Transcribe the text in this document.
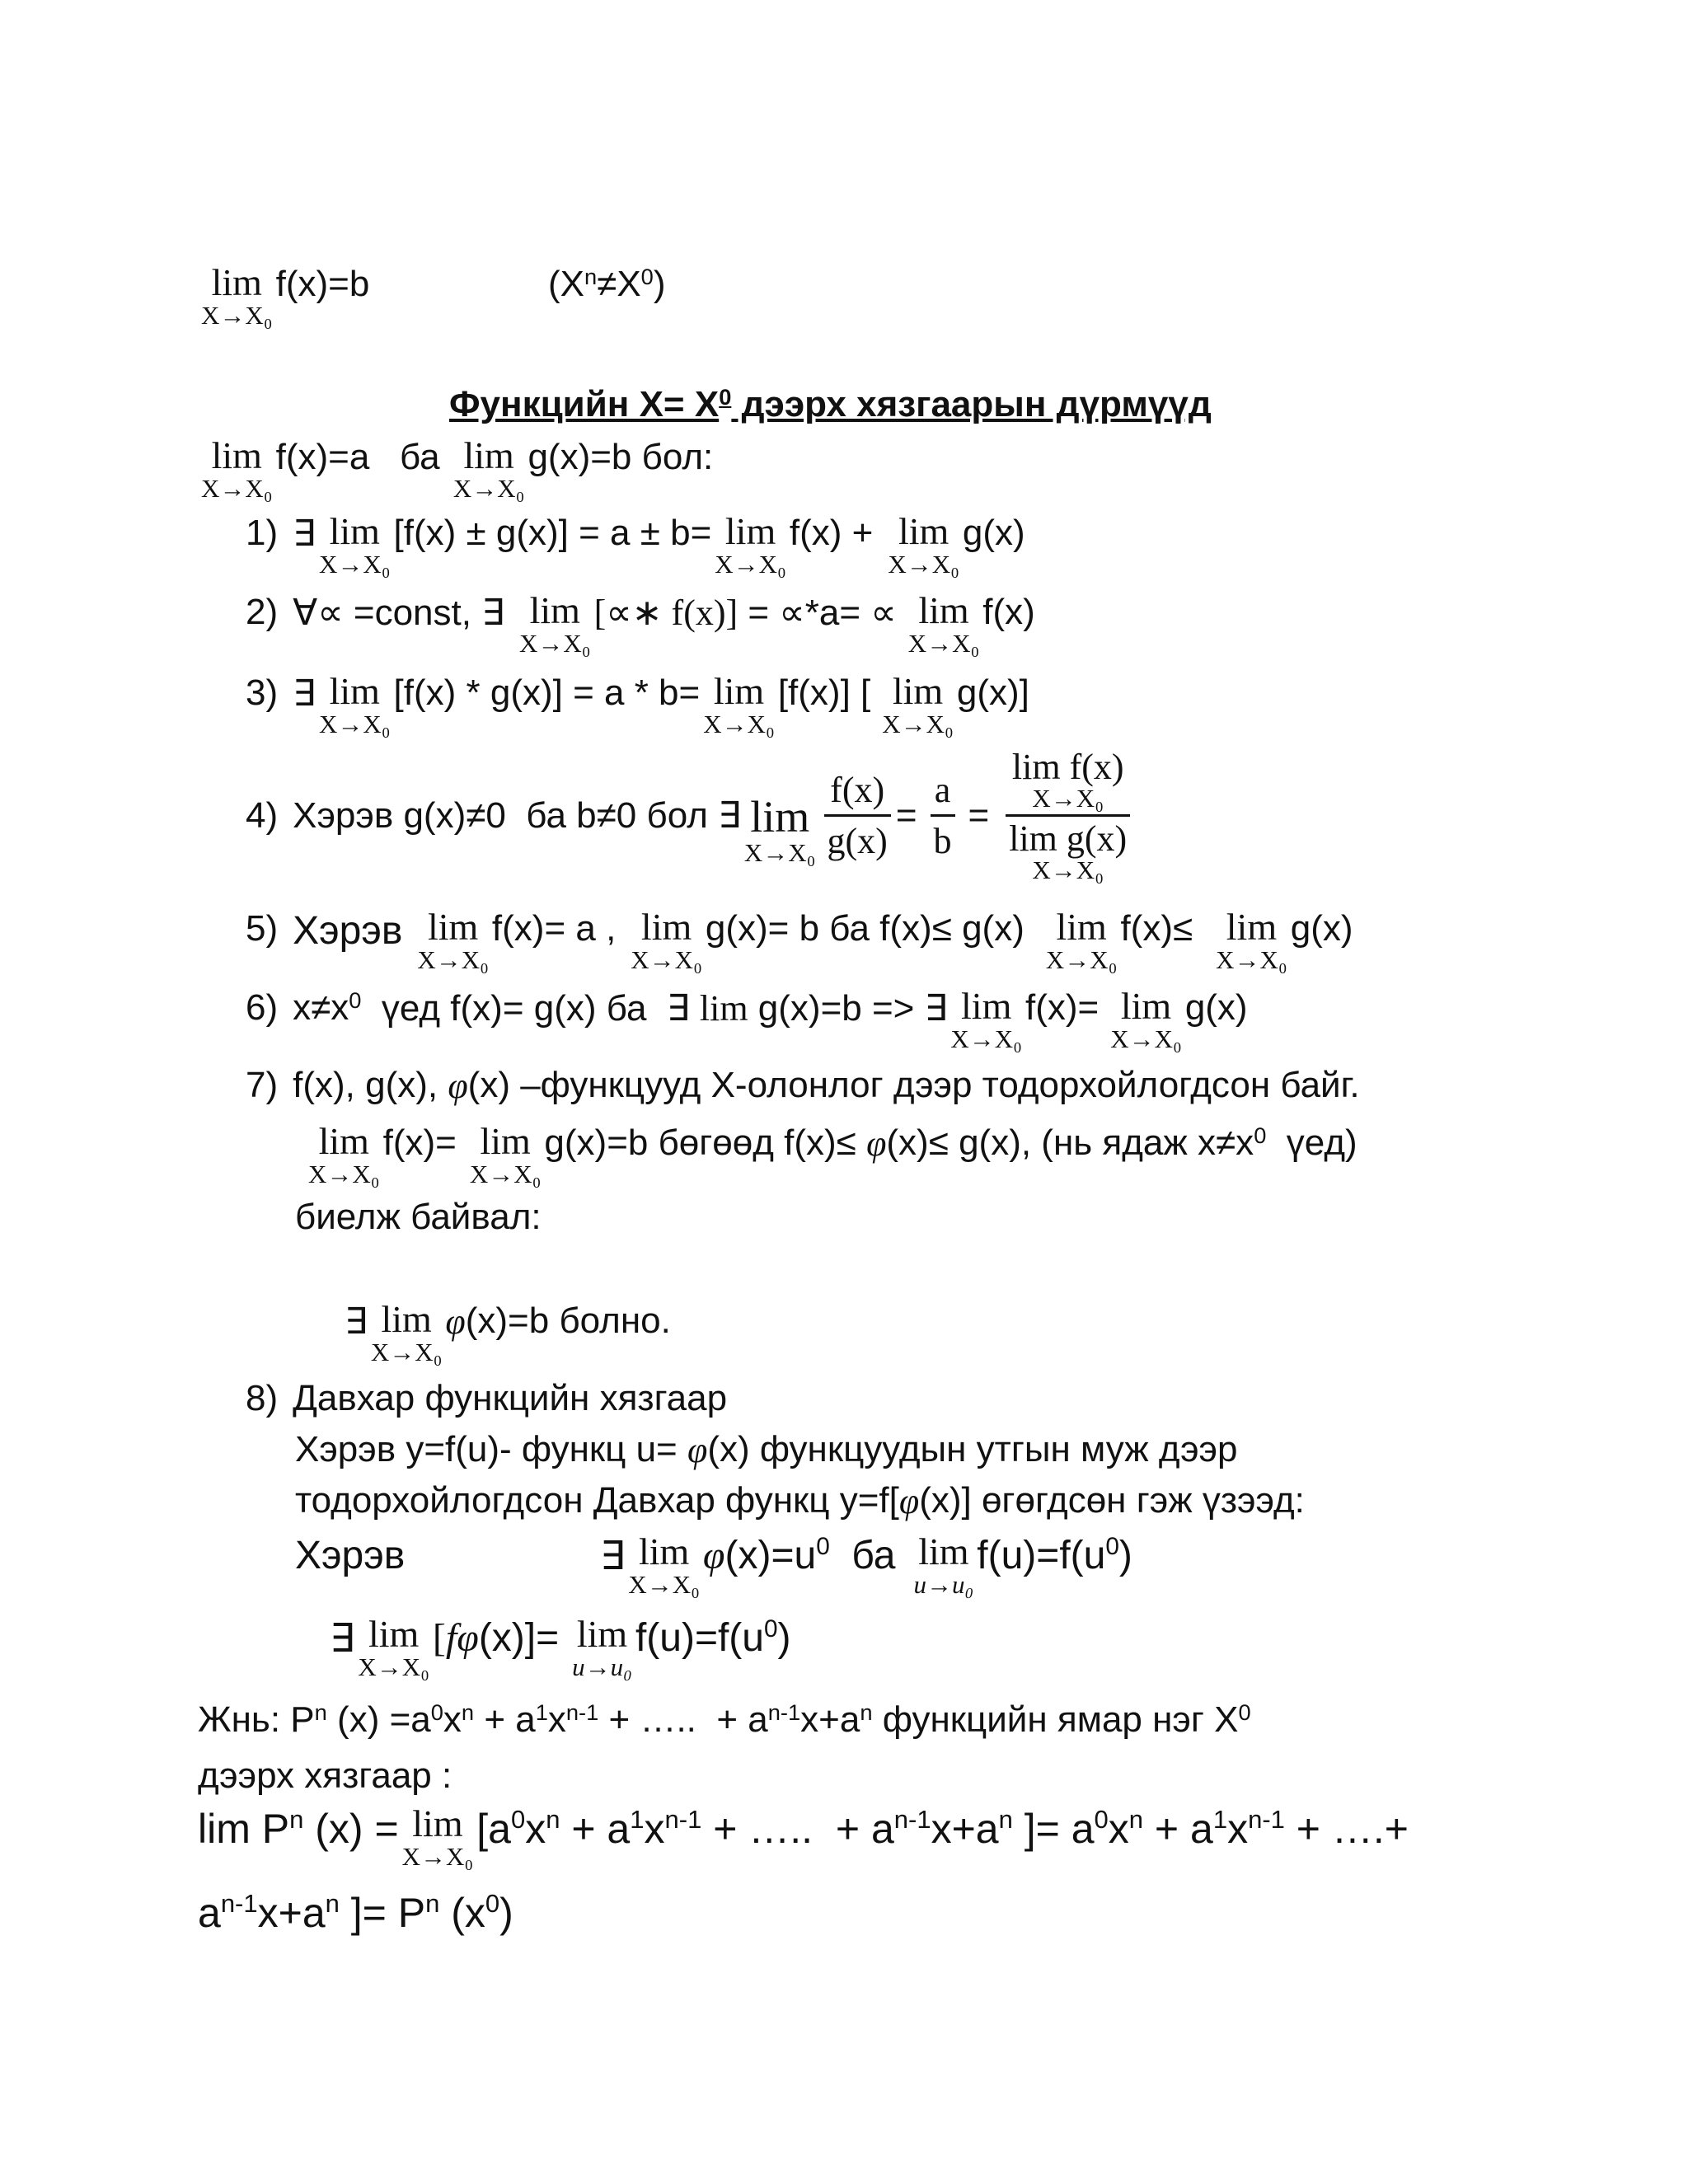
lim
X→X₀
f(x)=b	($X^n \ne X^0$ )
Функцийн $X= X^0$ дээрх хязгаарын дүрмүүд
lim
X→X₀
f(x)=a ба lim
X→X₀
g(x)=b бол:
1) ∃ lim
X→X₀
[f(x) ± g(x)] = a ± b= lim
X→X₀
f(x) + lim
X→X₀
g(x)
2) ∀∝ =const, ∃ lim
X→X₀
[∝∗ f(x)] = ∝*a= ∝ lim
X→X₀
f(x)
3) ∃ lim
X→X₀
[f(x) * g(x)] = a * b= lim
X→X₀
[f(x)] [ lim
X→X₀
g(x)]
4) Хэрэв g(x)≠0  ба b≠0 бол ∃ lim
$X\to X_0 \frac{f(x)}{g(x)} = \frac{a}{b} = \lim f(x)$
X→X₀
lim g(x)
X→X₀
5) Хэрэв lim
X→X₀
f(x)= a , lim
X→X₀
g(x)= b ба f(x)≤ g(x) lim
X→X₀
f(x)≤ lim
X→X₀
g(x)
6) $x\ne x^0$ үед f(x)= g(x) ба  ∃ lim g(x)=b => ∃ lim
X→X₀
f(x)= lim
X→X₀
g(x)
7) f(x), g(x), φ (x) –функцууд X-олонлог дээр тодорхойлогдсон байг.
lim
X→X₀
f(x)= lim
X→X₀
g(x)=b бөгөөд f(x)≤ φ (x)≤ g(x), (нь ядаж $x\ne x^0$ үед)
биелж байвал:
∃ lim
X→X₀
φ (x)=b болно.
8) Давхар функцийн хязгаар
Хэрэв y=f(u)- функц u= φ (x) функцуудын утгын муж дээр
тодорхойлогдсон Давхар функц y=f[ φ (x)] өгөгдсөн гэж үзээд:
Хэрэв	∃ lim
X→X₀
φ $(x)=u^0$ ба lim
u→u₀
$f(u)=f(u^0$ )
∃ lim
X→X₀
[ f φ (x)]= lim
u→u₀
$f(u)=f(u^0$ )
Жнь: $P^n$ $(x) =a^0$ $x^n + a^1$ $x^{n-1}$ + …..  + $a^{n-1}$ $x+a^n$ функцийн ямар нэг $X^0$
дээрх хязгаар :
$\lim P^n$ (x) = lim
X→X₀
[$a^0$ $x^n + a^1$ $x^{n-1}$ + …..  + $a^{n-1}$ $x+a^n$ ]= $a^0$ $x^n + a^1$ $x^{n-1}$ + ….+
$a^{n-1}$ $x+a^n$ ]= $P^n$ ($x^0$ )
